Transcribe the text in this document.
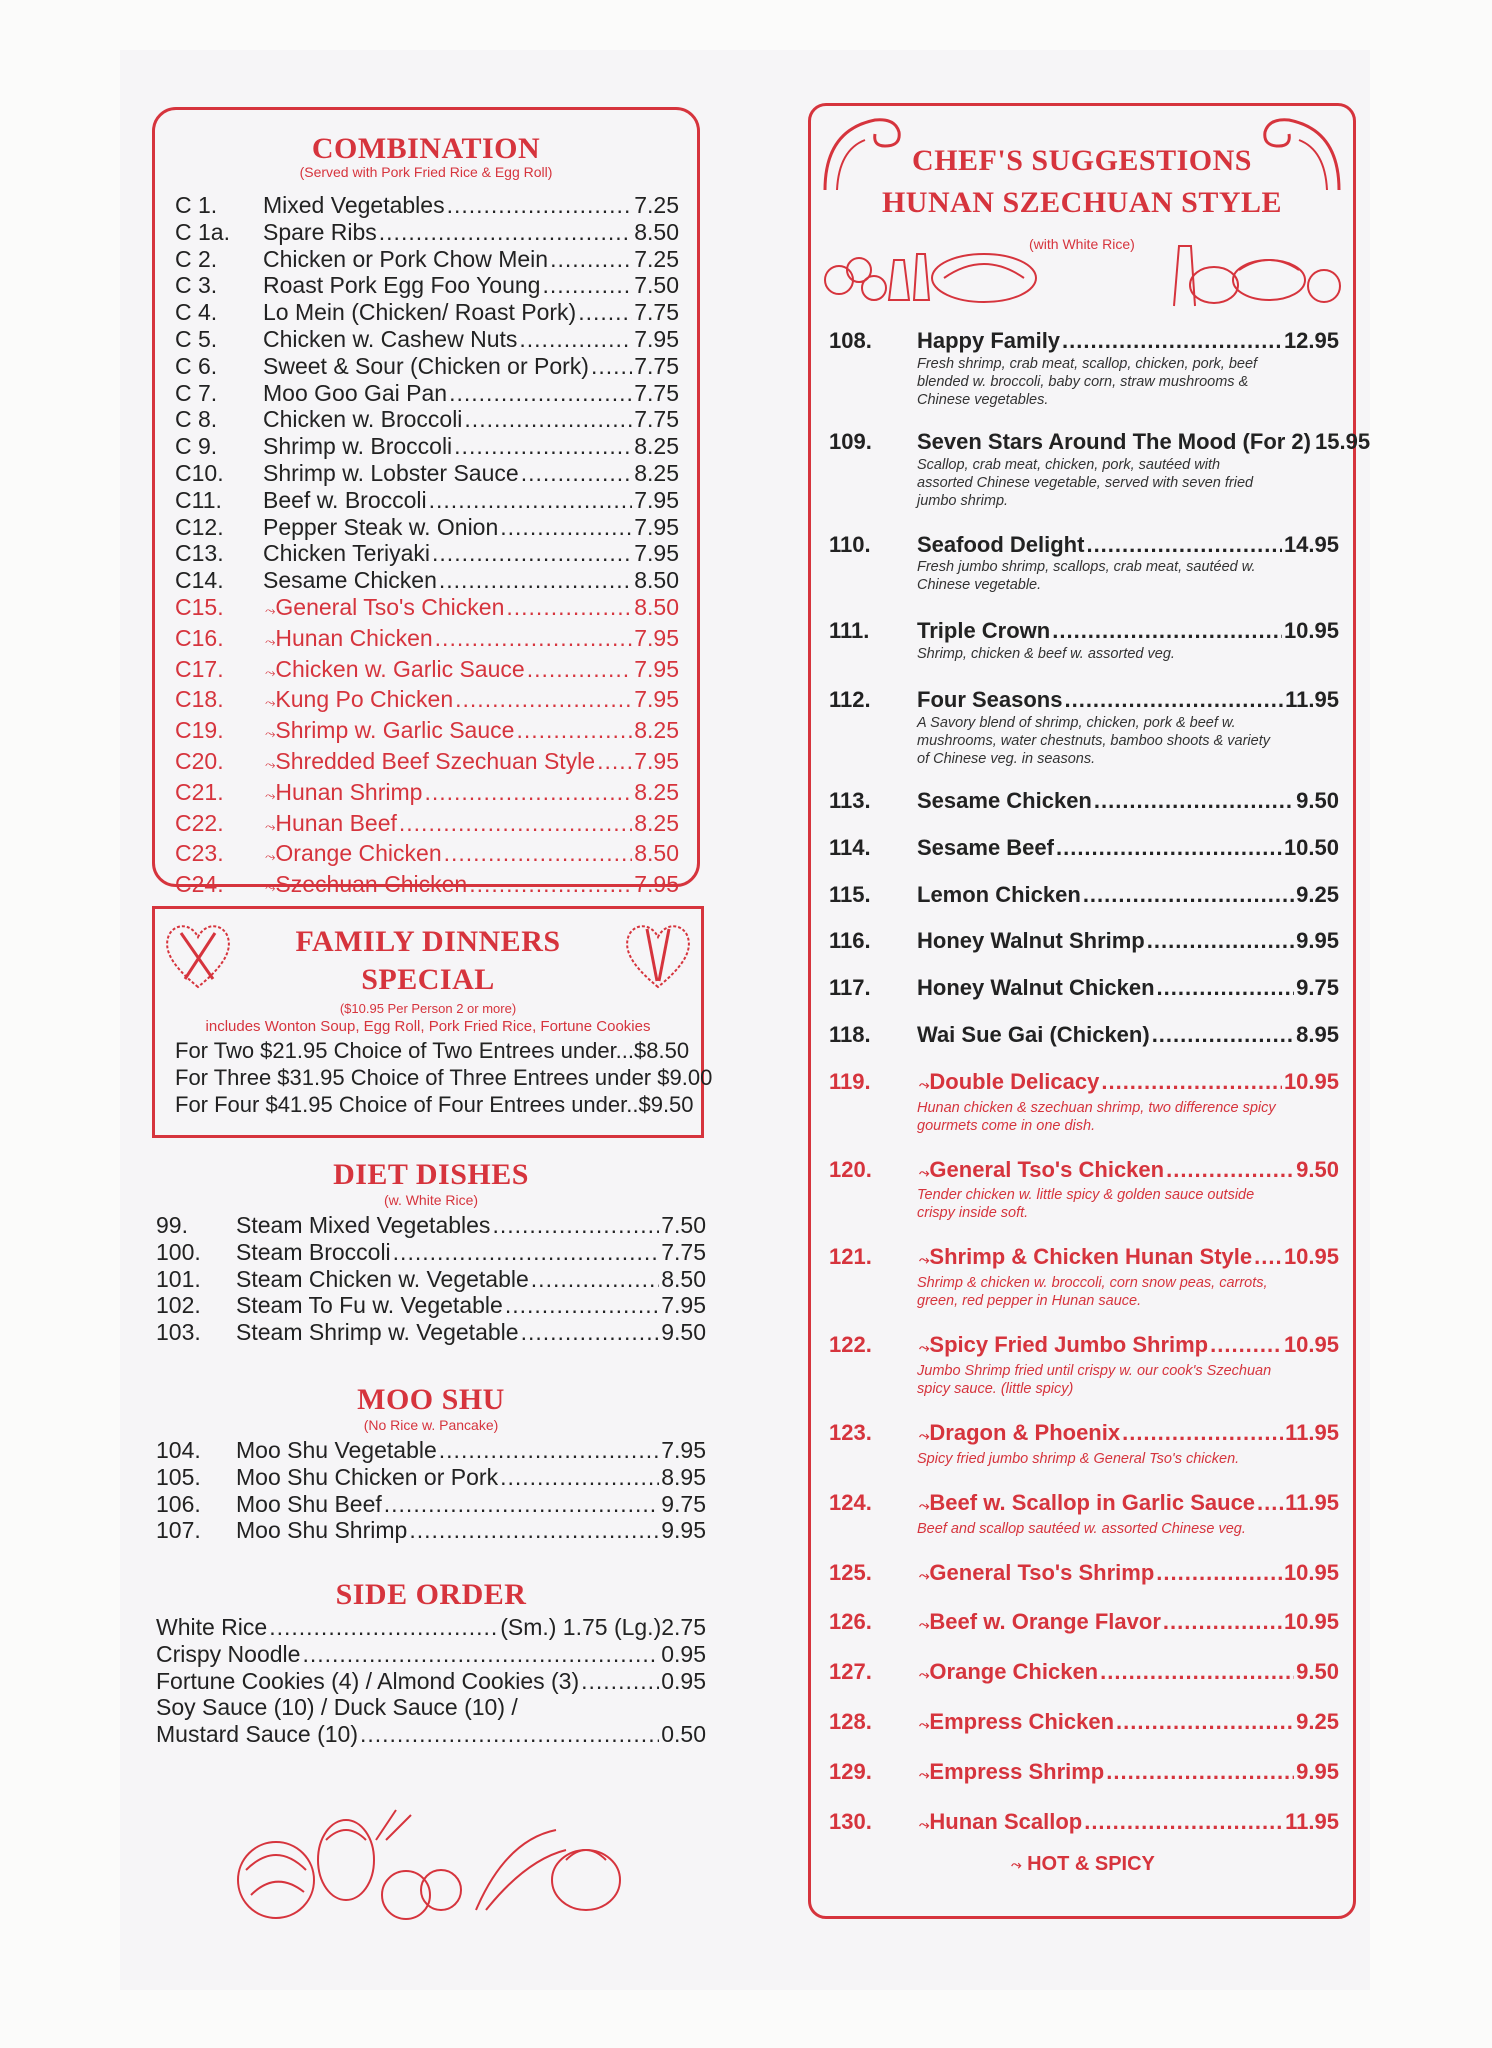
COMBINATION
(Served with Pork Fried Rice & Egg Roll)
C 1.	Mixed Vegetables .....	7.25
C 1a.	Spare Ribs .....	8.50
C 2.	Chicken or Pork Chow Mein .....	7.25
C 3.	Roast Pork Egg Foo Young .....	7.50
C 4.	Lo Mein (Chicken/ Roast Pork) .....	7.75
C 5.	Chicken w. Cashew Nuts .....	7.95
C 6.	Sweet & Sour (Chicken or Pork) ..... 7.75
C 7.	Moo Goo Gai Pan .....	7.75
C 8.	Chicken w. Broccoli .....	7.75
C 9.	Shrimp w. Broccoli .....	8.25
C10.	Shrimp w. Lobster Sauce .....	8.25
C11.	Beef w. Broccoli .....	7.95
C12.	Pepper Steak w. Onion .....	7.95
C13.	Chicken Teriyaki .....	7.95
C14.	Sesame Chicken .....	8.50
C15.	⤳ General Tso's Chicken .....	8.50
C16.	⤳ Hunan Chicken .....	7.95
C17.	⤳ Chicken w. Garlic Sauce .....	7.95
C18.	⤳ Kung Po Chicken .....	7.95
C19.	⤳ Shrimp w. Garlic Sauce .....	8.25
C20.	⤳ Shredded Beef Szechuan Style ..... 7.95
C21.	⤳ Hunan Shrimp .....	8.25
C22.	⤳ Hunan Beef .....	8.25
C23.	⤳ Orange Chicken .....	8.50
C24.	⤳ Szechuan Chicken .....	7.95
FAMILY DINNERS
SPECIAL
($10.95 Per Person 2 or more)
includes Wonton Soup, Egg Roll, Pork Fried Rice, Fortune Cookies
For Two $21.95 Choice of Two Entrees under...$8.50
For Three $31.95 Choice of Three Entrees under $9.00
For Four $41.95 Choice of Four Entrees under..$9.50
DIET DISHES
(w. White Rice)
99.	Steam Mixed Vegetables .....	7.50
100.	Steam Broccoli .....	7.75
101.	Steam Chicken w. Vegetable .....	8.50
102.	Steam To Fu w. Vegetable .....	7.95
103.	Steam Shrimp w. Vegetable .....	9.50
MOO SHU
(No Rice w. Pancake)
104.	Moo Shu Vegetable .....	7.95
105.	Moo Shu Chicken or Pork .....	8.95
106.	Moo Shu Beef .....	9.75
107.	Moo Shu Shrimp .....	9.95
SIDE ORDER
White Rice .....	(Sm.) 1.75 (Lg.)2.75
Crispy Noodle .....	0.95
Fortune Cookies (4) / Almond Cookies (3) .....	0.95
Soy Sauce (10) / Duck Sauce (10) /
Mustard Sauce (10) .....	0.50
CHEF'S SUGGESTIONS
HUNAN SZECHUAN STYLE
(with White Rice)
108.	Happy Family .....	12.95
Fresh shrimp, crab meat, scallop, chicken, pork, beef blended w. broccoli, baby corn, straw mushrooms & Chinese vegetables.
109.	Seven Stars Around The Mood (For 2) 15.95
Scallop, crab meat, chicken, pork, sautéed with assorted Chinese vegetable, served with seven fried jumbo shrimp.
110.	Seafood Delight .....	14.95
Fresh jumbo shrimp, scallops, crab meat, sautéed w. Chinese vegetable.
111.	Triple Crown .....	10.95
Shrimp, chicken & beef w. assorted veg.
112.	Four Seasons .....	11.95
A Savory blend of shrimp, chicken, pork & beef w. mushrooms, water chestnuts, bamboo shoots & variety of Chinese veg. in seasons.
113.	Sesame Chicken .....	9.50
114.	Sesame Beef .....	10.50
115.	Lemon Chicken .....	9.25
116.	Honey Walnut Shrimp .....	9.95
117.	Honey Walnut Chicken .....	9.75
118.	Wai Sue Gai (Chicken) .....	8.95
119.	⤳ Double Delicacy .....	10.95
Hunan chicken & szechuan shrimp, two difference spicy gourmets come in one dish.
120.	⤳ General Tso's Chicken .....	9.50
Tender chicken w. little spicy & golden sauce outside crispy inside soft.
121.	⤳ Shrimp & Chicken Hunan Style ..... 10.95
Shrimp & chicken w. broccoli, corn snow peas, carrots, green, red pepper in Hunan sauce.
122.	⤳ Spicy Fried Jumbo Shrimp .....	10.95
Jumbo Shrimp fried until crispy w. our cook's Szechuan spicy sauce. (little spicy)
123.	⤳ Dragon & Phoenix .....	11.95
Spicy fried jumbo shrimp & General Tso's chicken.
124.	⤳ Beef w. Scallop in Garlic Sauce ..... 11.95
Beef and scallop sautéed w. assorted Chinese veg.
125.	⤳ General Tso's Shrimp .....	10.95
126.	⤳ Beef w. Orange Flavor .....	10.95
127.	⤳ Orange Chicken .....	9.50
128.	⤳ Empress Chicken .....	9.25
129.	⤳ Empress Shrimp .....	9.95
130.	⤳ Hunan Scallop .....	11.95
⤳ HOT & SPICY
